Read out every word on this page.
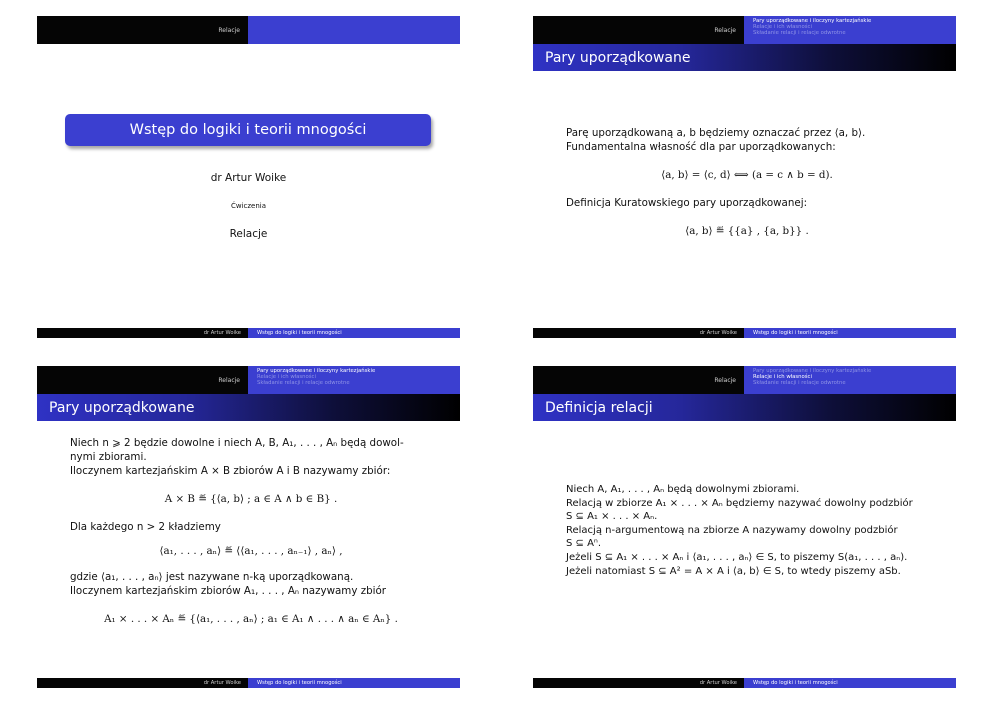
Relacje
Wstęp do logiki i teorii mnogości
dr Artur Woike
Ćwiczenia
Relacje
dr Artur Woike	Wstęp do logiki i teorii mnogości
Relacje
Pary uporządkowane i iloczyny kartezjańskie
Relacje i ich własności
Składanie relacji i relacje odwrotne
Pary uporządkowane

Parę uporządkowaną a, b będziemy oznaczać przez ⟨a, b⟩.

Fundamentalna własność dla par uporządkowanych:

⟨a, b⟩ = ⟨c, d⟩ ⟺ (a = c ∧ b = d).

Definicja Kuratowskiego pary uporządkowanej:

⟨a, b⟩ ≝ {{a} , {a, b}} .

dr Artur Woike	Wstęp do logiki i teorii mnogości
Relacje
Pary uporządkowane i iloczyny kartezjańskie
Relacje i ich własności
Składanie relacji i relacje odwrotne
Pary uporządkowane

Niech n ⩾ 2 będzie dowolne i niech A, B, A₁, . . . , Aₙ będą dowol-

nymi zbiorami.

Iloczynem kartezjańskim A × B zbiorów A i B nazywamy zbiór:

A × B ≝ {⟨a, b⟩ ; a ∈ A ∧ b ∈ B} .

Dla każdego n > 2 kładziemy

⟨a₁, . . . , aₙ⟩ ≝ ⟨⟨a₁, . . . , aₙ₋₁⟩ , aₙ⟩ ,

gdzie ⟨a₁, . . . , aₙ⟩ jest nazywane n-ką uporządkowaną.

Iloczynem kartezjańskim zbiorów A₁, . . . , Aₙ nazywamy zbiór

A₁ × . . . × Aₙ ≝ {⟨a₁, . . . , aₙ⟩ ; a₁ ∈ A₁ ∧ . . . ∧ aₙ ∈ Aₙ} .

dr Artur Woike	Wstęp do logiki i teorii mnogości
Relacje
Pary uporządkowane i iloczyny kartezjańskie
Relacje i ich własności
Składanie relacji i relacje odwrotne
Definicja relacji

Niech A, A₁, . . . , Aₙ będą dowolnymi zbiorami.

Relacją w zbiorze A₁ × . . . × Aₙ będziemy nazywać dowolny podzbiór

S ⊆ A₁ × . . . × Aₙ.

Relacją n-argumentową na zbiorze A nazywamy dowolny podzbiór

S ⊆ Aⁿ.

Jeżeli S ⊆ A₁ × . . . × Aₙ i ⟨a₁, . . . , aₙ⟩ ∈ S, to piszemy S(a₁, . . . , aₙ).

Jeżeli natomiast S ⊆ A² = A × A i ⟨a, b⟩ ∈ S, to wtedy piszemy aSb.

dr Artur Woike	Wstęp do logiki i teorii mnogości
